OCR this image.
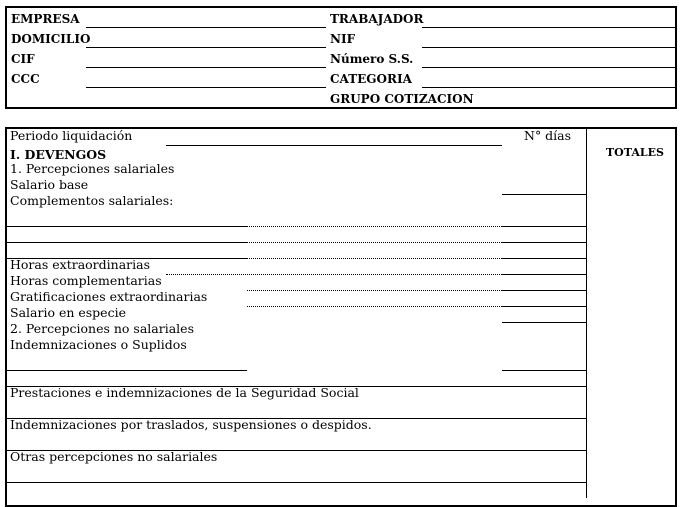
EMPRESA
DOMICILIO
CIF
CCC
TRABAJADOR
NIF
Número S.S.
CATEGORIA
GRUPO COTIZACION
Periodo liquidación	N° días
TOTALES
I. DEVENGOS
1. Percepciones salariales
Salario base
Complementos salariales:
Horas extraordinarias
Horas complementarias
Gratificaciones extraordinarias
Salario en especie
2. Percepciones no salariales
Indemnizaciones o Suplidos
Prestaciones e indemnizaciones de la Seguridad Social
Indemnizaciones por traslados, suspensiones o despidos.
Otras percepciones no salariales
